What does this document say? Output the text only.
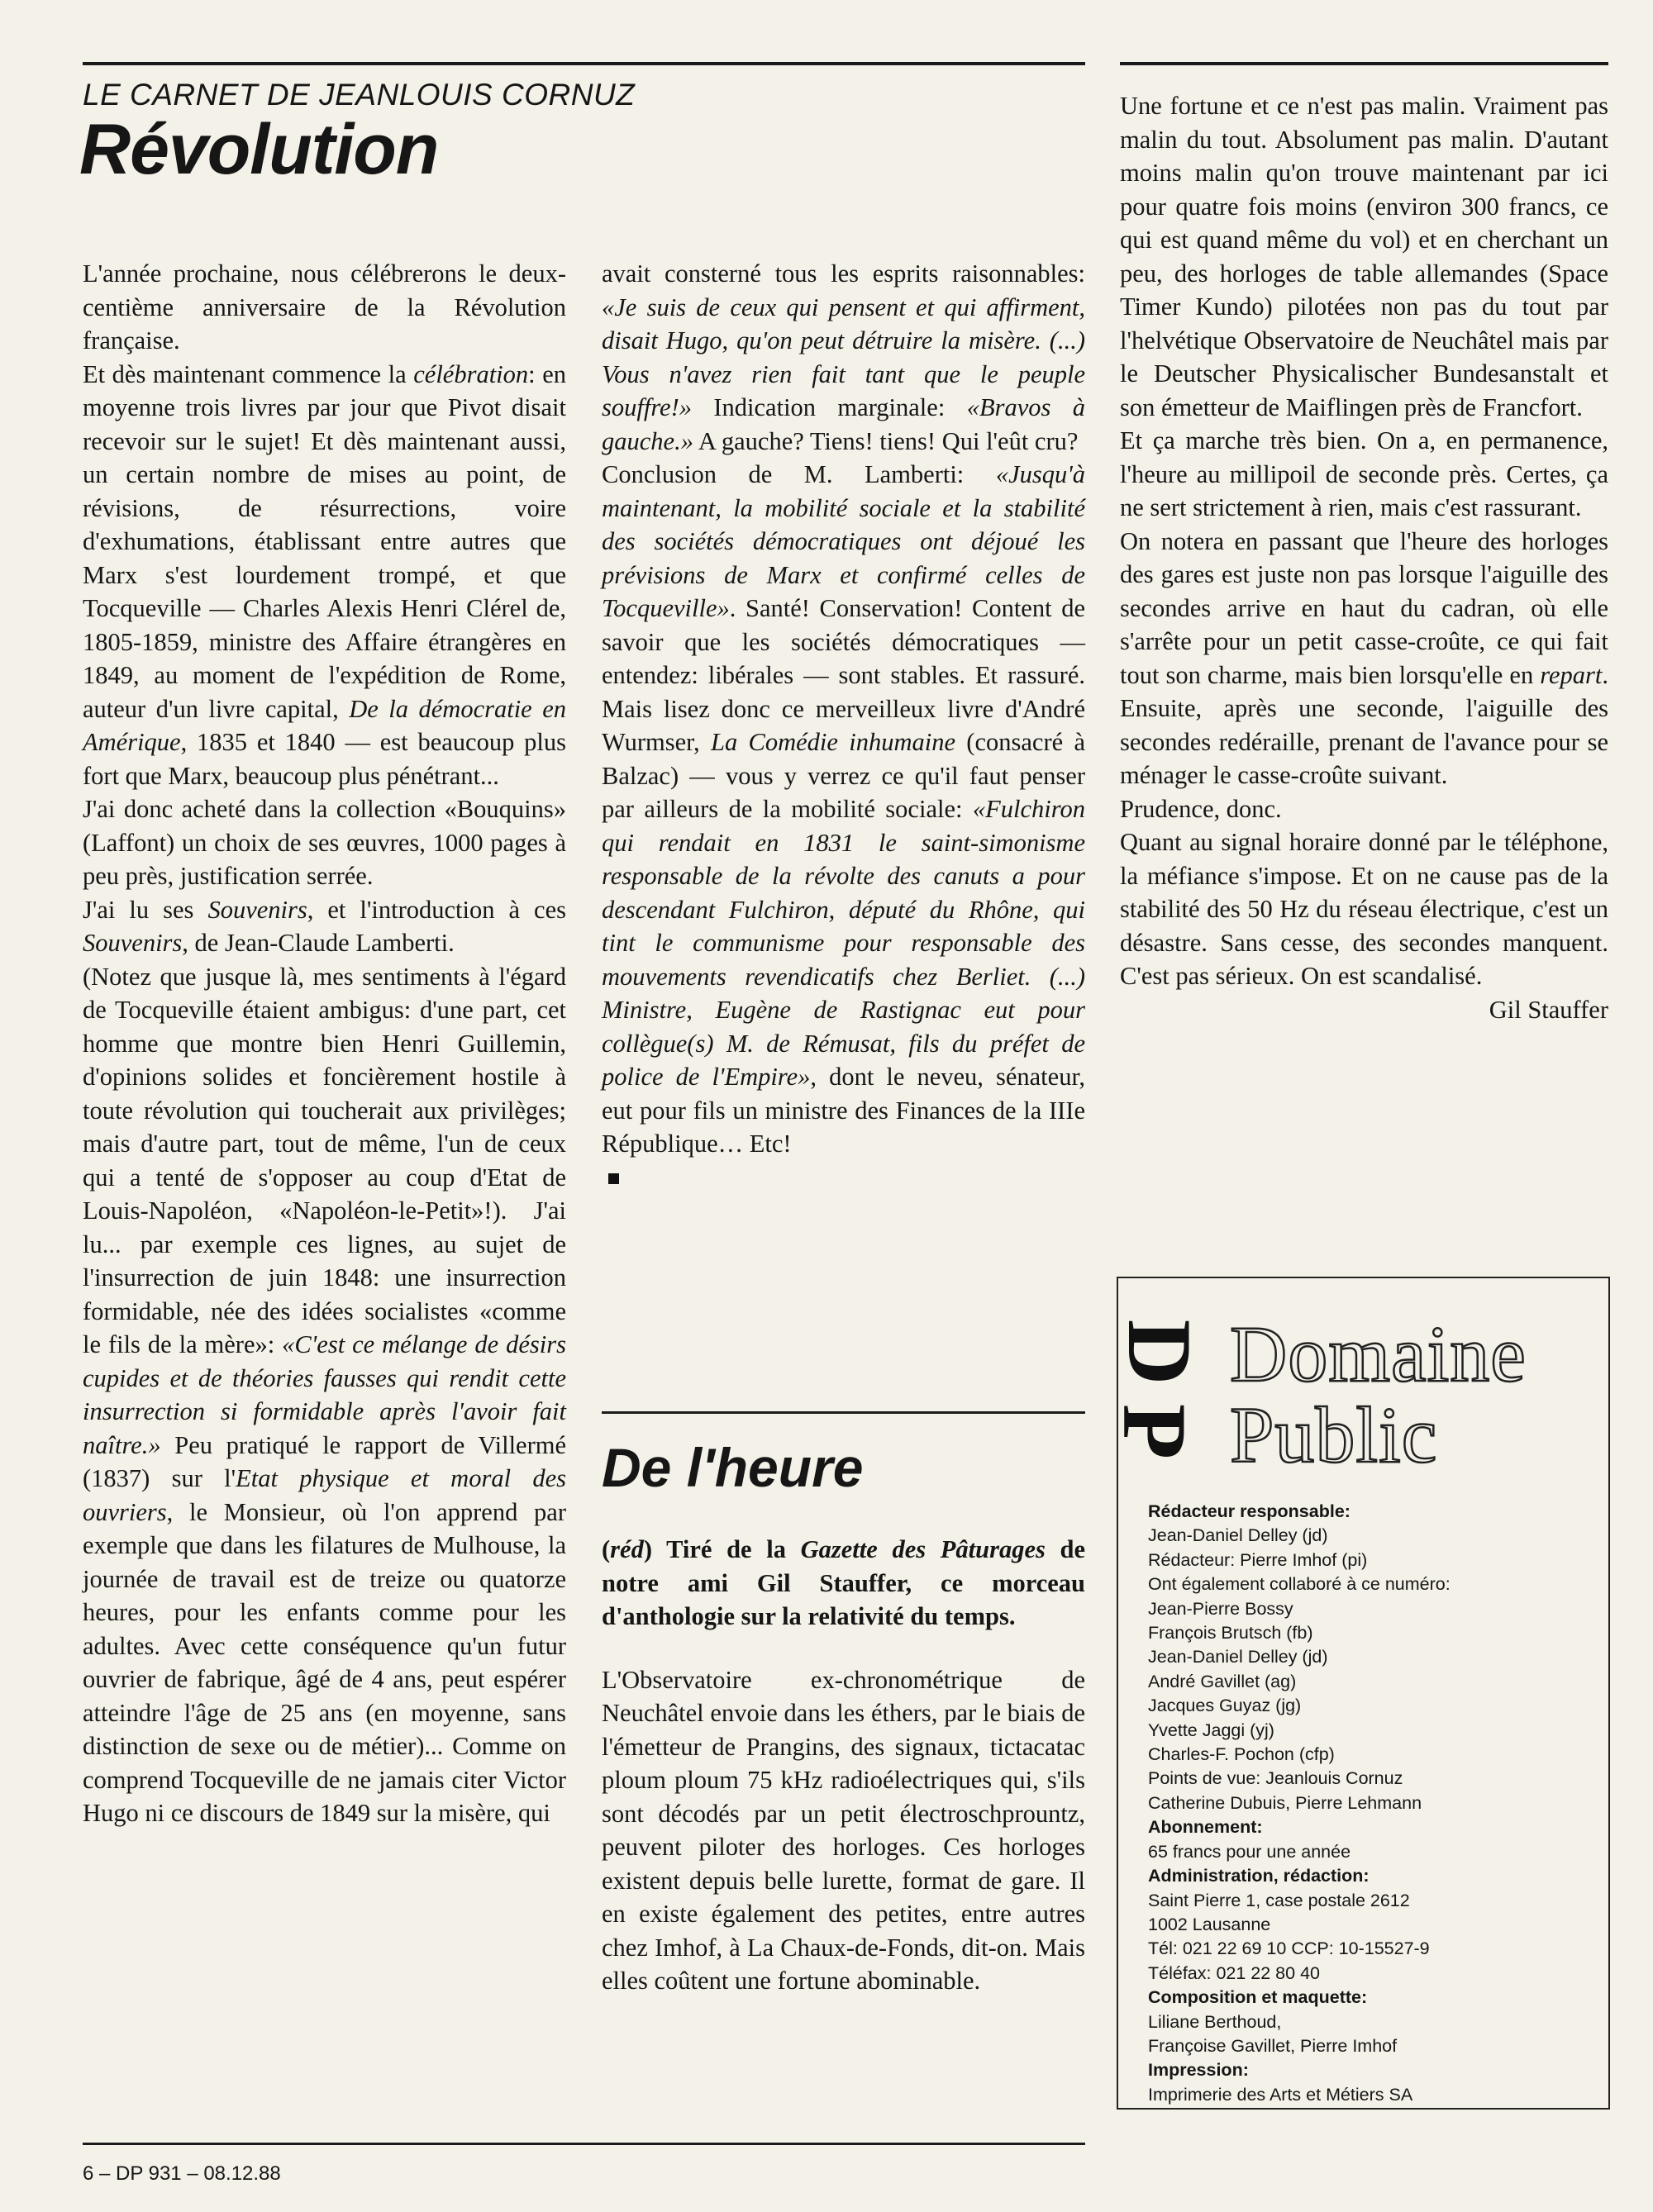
LE CARNET DE JEANLOUIS CORNUZ
Révolution

L'année prochaine, nous célébrerons le deux-centième anniversaire de la Révolution française.

Et dès maintenant commence la célébration: en moyenne trois livres par jour que Pivot disait recevoir sur le sujet! Et dès maintenant aussi, un certain nombre de mises au point, de révisions, de résurrections, voire d'exhumations, établissant entre autres que Marx s'est lourdement trompé, et que Tocqueville — Charles Alexis Henri Clérel de, 1805-1859, ministre des Affaire étrangères en 1849, au moment de l'expédition de Rome, auteur d'un livre capital, De la démocratie en Amérique, 1835 et 1840 — est beaucoup plus fort que Marx, beaucoup plus pénétrant...

J'ai donc acheté dans la collection «Bouquins» (Laffont) un choix de ses œuvres, 1000 pages à peu près, justification serrée.

J'ai lu ses Souvenirs, et l'introduction à ces Souvenirs, de Jean-Claude Lamberti.

(Notez que jusque là, mes sentiments à l'égard de Tocqueville étaient ambigus: d'une part, cet homme que montre bien Henri Guillemin, d'opinions solides et foncièrement hostile à toute révolution qui toucherait aux privilèges; mais d'autre part, tout de même, l'un de ceux qui a tenté de s'opposer au coup d'Etat de Louis-Napoléon, «Napoléon-le-Petit»!). J'ai lu... par exemple ces lignes, au sujet de l'insurrection de juin 1848: une insurrection formidable, née des idées socialistes «comme le fils de la mère»: «C'est ce mélange de désirs cupides et de théories fausses qui rendit cette insurrection si formidable après l'avoir fait naître.» Peu pratiqué le rapport de Villermé (1837) sur l'Etat physique et moral des ouvriers, le Monsieur, où l'on apprend par exemple que dans les filatures de Mulhouse, la journée de travail est de treize ou quatorze heures, pour les enfants comme pour les adultes. Avec cette conséquence qu'un futur ouvrier de fabrique, âgé de 4 ans, peut espérer atteindre l'âge de 25 ans (en moyenne, sans distinction de sexe ou de métier)... Comme on comprend Tocqueville de ne jamais citer Victor Hugo ni ce discours de 1849 sur la misère, qui

avait consterné tous les esprits raisonnables: «Je suis de ceux qui pensent et qui affirment, disait Hugo, qu'on peut détruire la misère. (...) Vous n'avez rien fait tant que le peuple souffre!» Indication marginale: «Bravos à gauche.» A gauche? Tiens! tiens! Qui l'eût cru?

Conclusion de M. Lamberti: «Jusqu'à maintenant, la mobilité sociale et la stabilité des sociétés démocratiques ont déjoué les prévisions de Marx et confirmé celles de Tocqueville». Santé! Conservation! Content de savoir que les sociétés démocratiques — entendez: libérales — sont stables. Et rassuré. Mais lisez donc ce merveilleux livre d'André Wurmser, La Comédie inhumaine (consacré à Balzac) — vous y verrez ce qu'il faut penser par ailleurs de la mobilité sociale: «Fulchiron qui rendait en 1831 le saint-simonisme responsable de la révolte des canuts a pour descendant Fulchiron, député du Rhône, qui tint le communisme pour responsable des mouvements revendicatifs chez Berliet. (...) Ministre, Eugène de Rastignac eut pour collègue(s) M. de Rémusat, fils du préfet de police de l'Empire», dont le neveu, sénateur, eut pour fils un ministre des Finances de la IIIe République… Etc!

De l'heure

(réd) Tiré de la Gazette des Pâturages de notre ami Gil Stauffer, ce morceau d'anthologie sur la relativité du temps.

L'Observatoire ex-chronométrique de Neuchâtel envoie dans les éthers, par le biais de l'émetteur de Prangins, des signaux, tictacatac ploum ploum 75 kHz radioélectriques qui, s'ils sont décodés par un petit électroschprountz, peuvent piloter des horloges. Ces horloges existent depuis belle lurette, format de gare. Il en existe également des petites, entre autres chez Imhof, à La Chaux-de-Fonds, dit-on. Mais elles coûtent une fortune abominable.

Une fortune et ce n'est pas malin. Vraiment pas malin du tout. Absolument pas malin. D'autant moins malin qu'on trouve maintenant par ici pour quatre fois moins (environ 300 francs, ce qui est quand même du vol) et en cherchant un peu, des horloges de table allemandes (Space Timer Kundo) pilotées non pas du tout par l'helvétique Observatoire de Neuchâtel mais par le Deutscher Physicalischer Bundesanstalt et son émetteur de Maiflingen près de Francfort.

Et ça marche très bien. On a, en permanence, l'heure au millipoil de seconde près. Certes, ça ne sert strictement à rien, mais c'est rassurant.

On notera en passant que l'heure des horloges des gares est juste non pas lorsque l'aiguille des secondes arrive en haut du cadran, où elle s'arrête pour un petit casse-croûte, ce qui fait tout son charme, mais bien lorsqu'elle en repart. Ensuite, après une seconde, l'aiguille des secondes redéraille, prenant de l'avance pour se ménager le casse-croûte suivant.

Prudence, donc.

Quant au signal horaire donné par le téléphone, la méfiance s'impose. Et on ne cause pas de la stabilité des 50 Hz du réseau électrique, c'est un désastre. Sans cesse, des secondes manquent. C'est pas sérieux. On est scandalisé.

Gil Stauffer

D
P
Domaine
Public
Rédacteur responsable:
Jean-Daniel Delley (jd)
Rédacteur: Pierre Imhof (pi)
Ont également collaboré à ce numéro:
Jean-Pierre Bossy
François Brutsch (fb)
Jean-Daniel Delley (jd)
André Gavillet (ag)
Jacques Guyaz (jg)
Yvette Jaggi (yj)
Charles-F. Pochon (cfp)
Points de vue: Jeanlouis Cornuz
Catherine Dubuis, Pierre Lehmann
Abonnement:
65 francs pour une année
Administration, rédaction:
Saint Pierre 1, case postale 2612
1002 Lausanne
Tél: 021 22 69 10 CCP: 10-15527-9
Téléfax: 021 22 80 40
Composition et maquette:
Liliane Berthoud,
Françoise Gavillet, Pierre Imhof
Impression:
Imprimerie des Arts et Métiers SA

6 – DP 931 – 08.12.88
